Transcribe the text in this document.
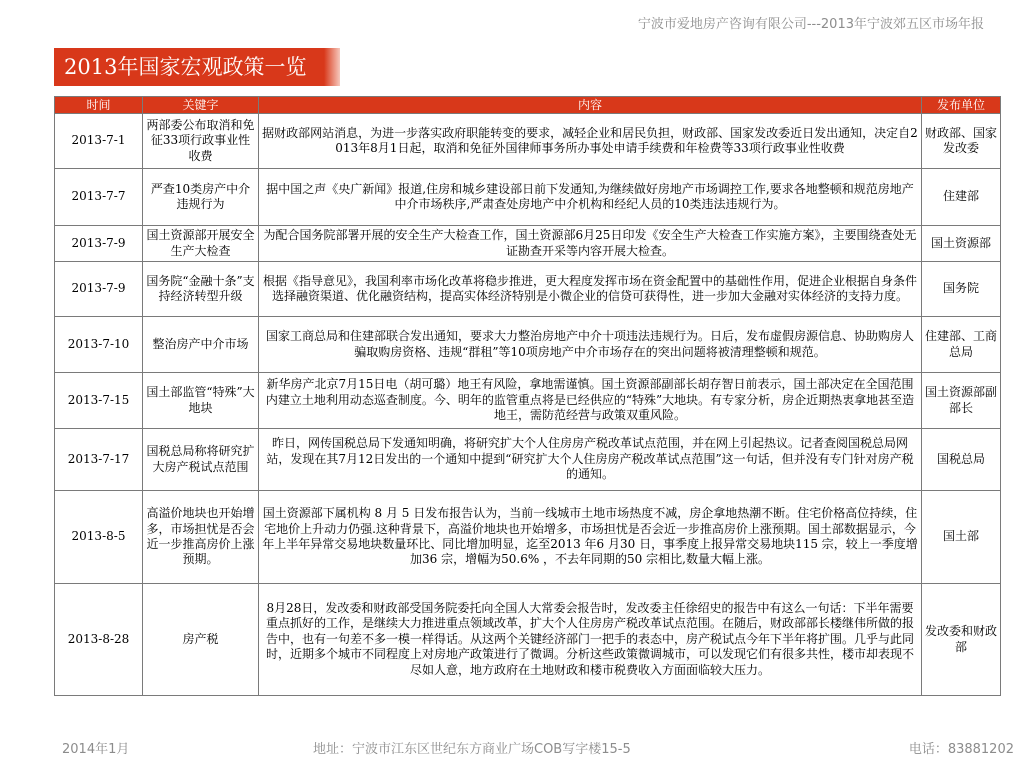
宁波市爱地房产咨询有限公司---2013年宁波郊五区市场年报
2013年国家宏观政策一览
时间	关键字	内容	发布单位
2013-7-1	两部委公布取消和免征33项行政事业性收费	据财政部网站消息，为进一步落实政府职能转变的要求，减轻企业和居民负担，财政部、国家发改委近日发出通知，决定自2013年8月1日起，取消和免征外国律师事务所办事处申请手续费和年检费等33项行政事业性收费	财政部、国家发改委
2013-7-7	严查10类房产中介违规行为	据中国之声《央广新闻》报道,住房和城乡建设部日前下发通知,为继续做好房地产市场调控工作,要求各地整顿和规范房地产中介市场秩序,严肃查处房地产中介机构和经纪人员的10类违法违规行为。	住建部
2013-7-9	国土资源部开展安全生产大检查	为配合国务院部署开展的安全生产大检查工作，国土资源部6月25日印发《安全生产大检查工作实施方案》，主要围绕查处无证勘查开采等内容开展大检查。	国土资源部
2013-7-9	国务院“金融十条”支持经济转型升级	根据《指导意见》，我国利率市场化改革将稳步推进，更大程度发挥市场在资金配置中的基础性作用，促进企业根据自身条件选择融资渠道、优化融资结构，提高实体经济特别是小微企业的信贷可获得性，进一步加大金融对实体经济的支持力度。	国务院
2013-7-10	整治房产中介市场	国家工商总局和住建部联合发出通知，要求大力整治房地产中介十项违法违规行为。日后，发布虚假房源信息、协助购房人骗取购房资格、违规“群租”等10项房地产中介市场存在的突出问题将被清理整顿和规范。	住建部、工商总局
2013-7-15	国土部监管“特殊”大地块	新华房产北京7月15日电（胡可璐）地王有风险，拿地需谨慎。国土资源部副部长胡存智日前表示，国土部决定在全国范围内建立土地利用动态巡查制度。今、明年的监管重点将是已经供应的“特殊”大地块。有专家分析，房企近期热衷拿地甚至造地王，需防范经营与政策双重风险。	国土资源部副部长
2013-7-17	国税总局称将研究扩大房产税试点范围	昨日，网传国税总局下发通知明确，将研究扩大个人住房房产税改革试点范围，并在网上引起热议。记者查阅国税总局网站，发现在其7月12日发出的一个通知中提到“研究扩大个人住房房产税改革试点范围”这一句话，但并没有专门针对房产税的通知。	国税总局
2013-8-5	高溢价地块也开始增多，市场担忧是否会近一步推高房价上涨预期。	国土资源部下属机构 8 月 5 日发布报告认为，当前一线城市土地市场热度不减，房企拿地热潮不断。住宅价格高位持续，住宅地价上升动力仍强.这种背景下，高溢价地块也开始增多，市场担忧是否会近一步推高房价上涨预期。国土部数据显示，今年上半年异常交易地块数量环比、同比增加明显，迄至2013 年6 月30 日，事季度上报异常交易地块115 宗，较上一季度增加36 宗，增幅为50.6% ，不去年同期的50 宗相比,数量大幅上涨。	国土部
2013-8-28	房产税	8月28日，发改委和财政部受国务院委托向全国人大常委会报告时，发改委主任徐绍史的报告中有这么一句话：下半年需要重点抓好的工作，是继续大力推进重点领域改革，扩大个人住房房产税改革试点范围。在随后，财政部部长楼继伟所做的报告中，也有一句差不多一模一样得话。从这两个关键经济部门一把手的表态中，房产税试点今年下半年将扩围。几乎与此同时，近期多个城市不同程度上对房地产政策进行了微调。分析这些政策微调城市，可以发现它们有很多共性，楼市却表现不尽如人意，地方政府在土地财政和楼市税费收入方面面临较大压力。	发改委和财政部
2014年1月	地址：宁波市江东区世纪东方商业广场COB写字楼15-5	电话：83881202
